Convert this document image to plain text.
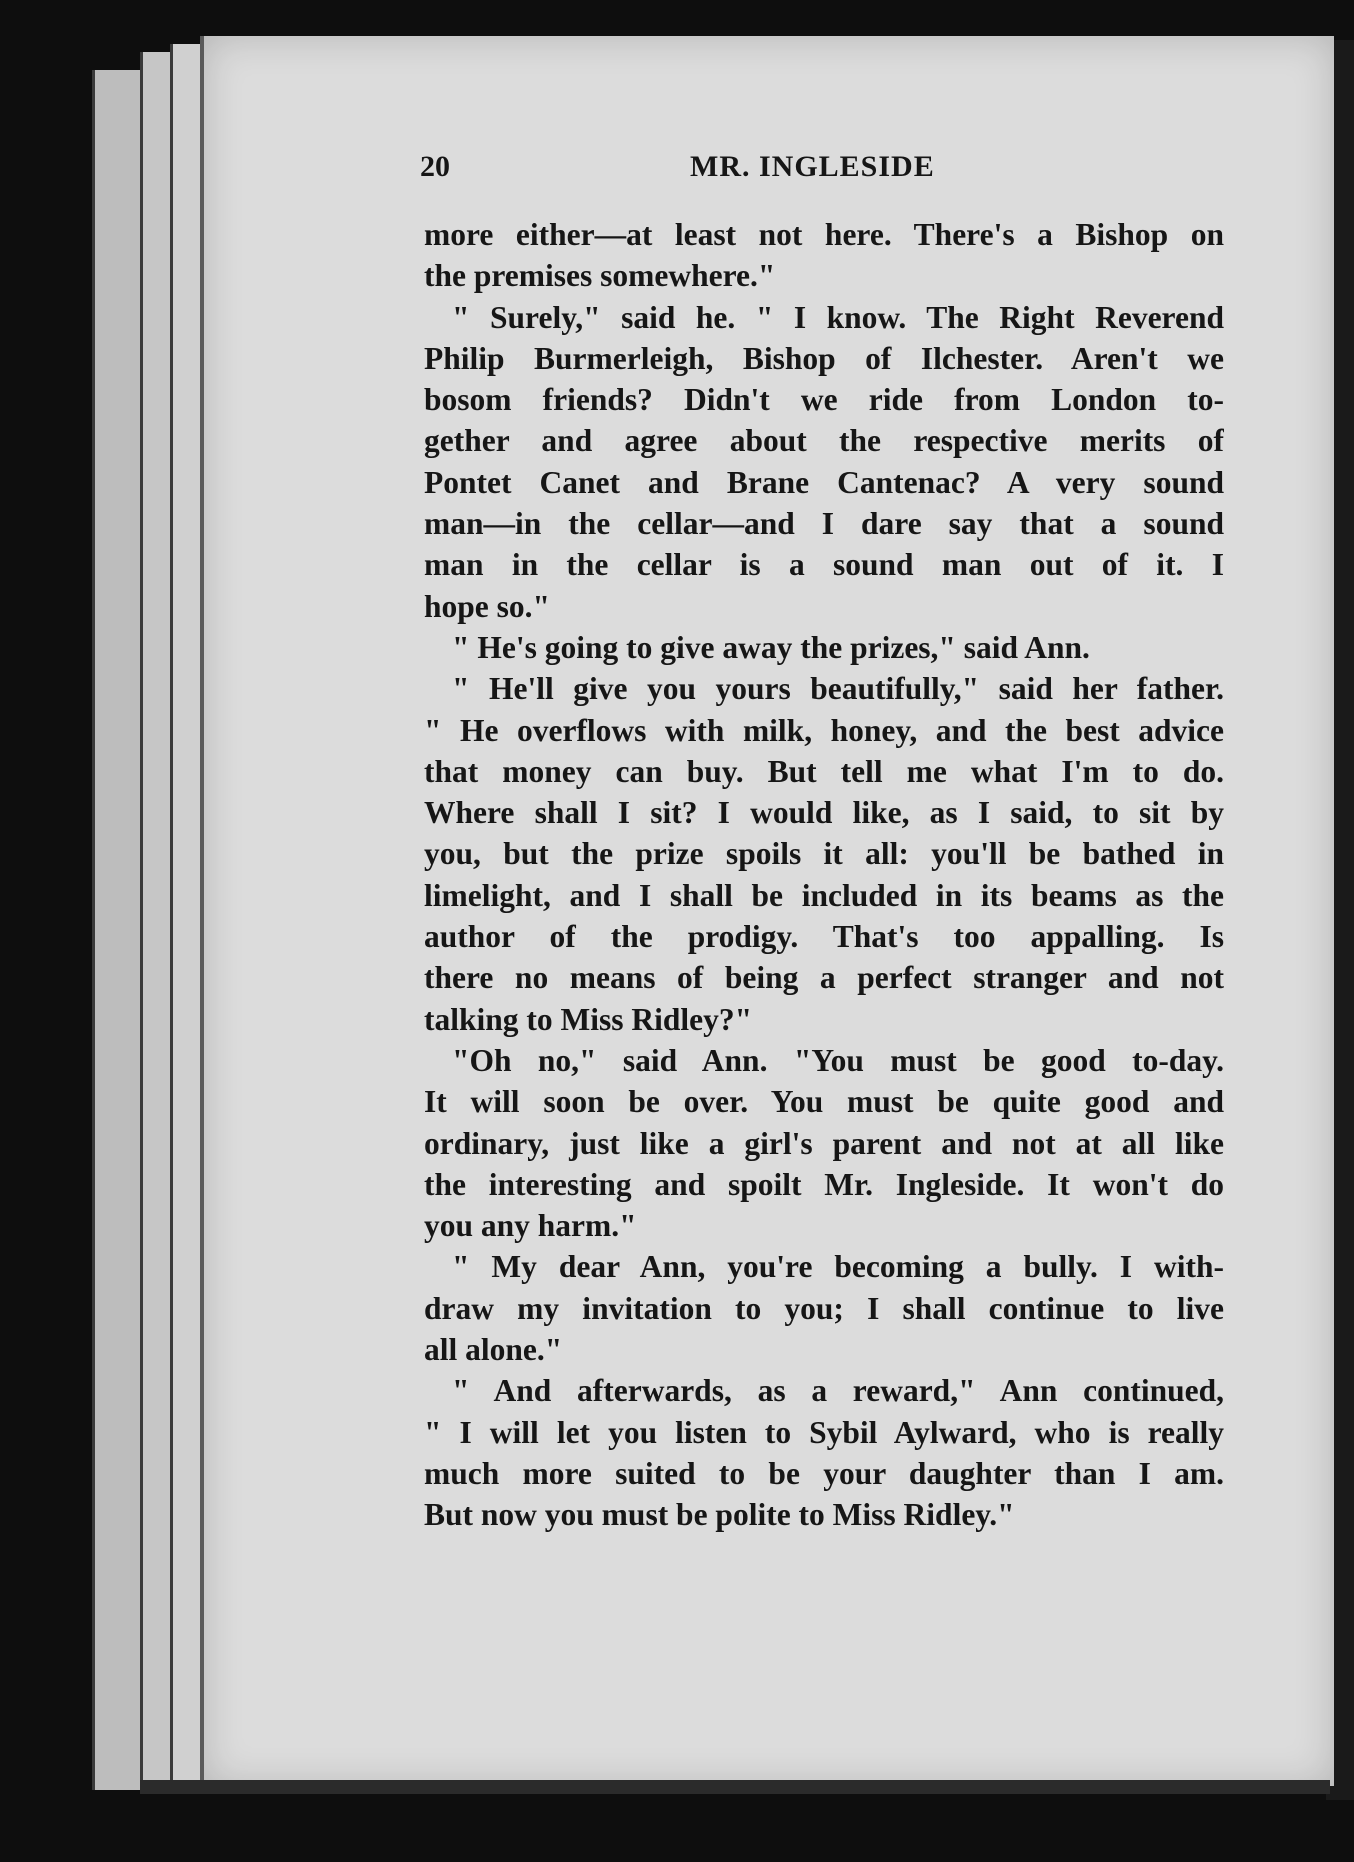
20	MR. INGLESIDE
more either—at least not here. There's a Bishop on
the premises somewhere."
" Surely," said he. " I know. The Right Reverend
Philip Burmerleigh, Bishop of Ilchester. Aren't we
bosom friends? Didn't we ride from London to-
gether and agree about the respective merits of
Pontet Canet and Brane Cantenac? A very sound
man—in the cellar—and I dare say that a sound
man in the cellar is a sound man out of it. I
hope so."
" He's going to give away the prizes," said Ann.
" He'll give you yours beautifully," said her father.
" He overflows with milk, honey, and the best advice
that money can buy. But tell me what I'm to do.
Where shall I sit? I would like, as I said, to sit by
you, but the prize spoils it all: you'll be bathed in
limelight, and I shall be included in its beams as the
author of the prodigy. That's too appalling. Is
there no means of being a perfect stranger and not
talking to Miss Ridley?"
"Oh no," said Ann. "You must be good to-day.
It will soon be over. You must be quite good and
ordinary, just like a girl's parent and not at all like
the interesting and spoilt Mr. Ingleside. It won't do
you any harm."
" My dear Ann, you're becoming a bully. I with-
draw my invitation to you; I shall continue to live
all alone."
" And afterwards, as a reward," Ann continued,
" I will let you listen to Sybil Aylward, who is really
much more suited to be your daughter than I am.
But now you must be polite to Miss Ridley."
